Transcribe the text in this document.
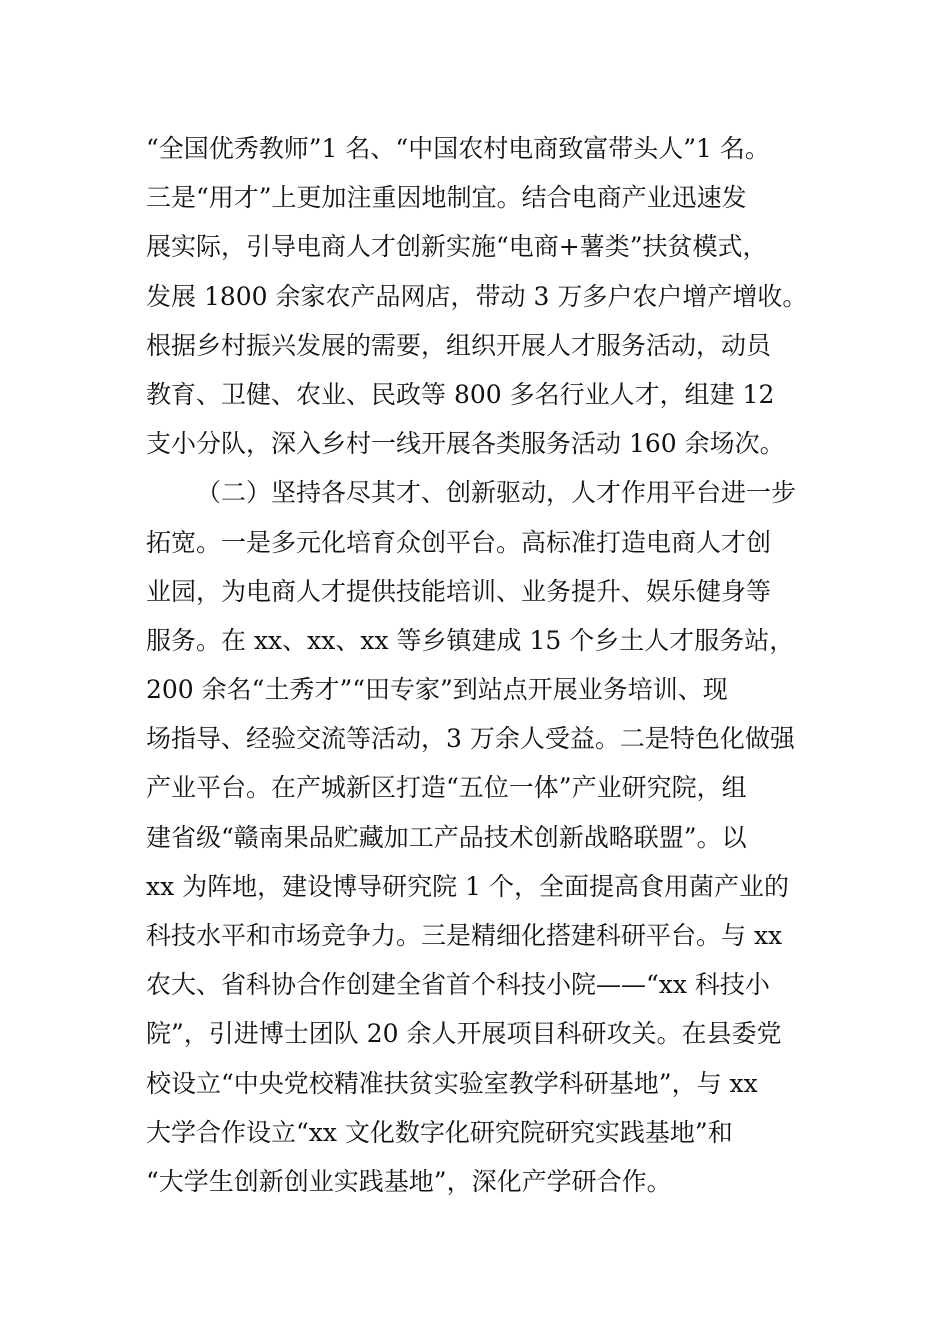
“全国优秀教师”1 名、“中国农村电商致富带头人”1 名。
三是“用才”上更加注重因地制宜。结合电商产业迅速发
展实际，引导电商人才创新实施“电商+薯类”扶贫模式，
发展 1800 余家农产品网店，带动 3 万多户农户增产增收。
根据乡村振兴发展的需要，组织开展人才服务活动，动员
教育、卫健、农业、民政等 800 多名行业人才，组建 12
支小分队，深入乡村一线开展各类服务活动 160 余场次。
（二）坚持各尽其才、创新驱动，人才作用平台进一步
拓宽。一是多元化培育众创平台。高标准打造电商人才创
业园，为电商人才提供技能培训、业务提升、娱乐健身等
服务。在 xx、xx、xx 等乡镇建成 15 个乡土人才服务站，
200 余名“土秀才”“田专家”到站点开展业务培训、现
场指导、经验交流等活动，3 万余人受益。二是特色化做强
产业平台。在产城新区打造“五位一体”产业研究院，组
建省级“赣南果品贮藏加工产品技术创新战略联盟”。以
xx 为阵地，建设博导研究院 1 个，全面提高食用菌产业的
科技水平和市场竞争力。三是精细化搭建科研平台。与 xx
农大、省科协合作创建全省首个科技小院——“xx 科技小
院”，引进博士团队 20 余人开展项目科研攻关。在县委党
校设立“中央党校精准扶贫实验室教学科研基地”，与 xx
大学合作设立“xx 文化数字化研究院研究实践基地”和
“大学生创新创业实践基地”，深化产学研合作。
